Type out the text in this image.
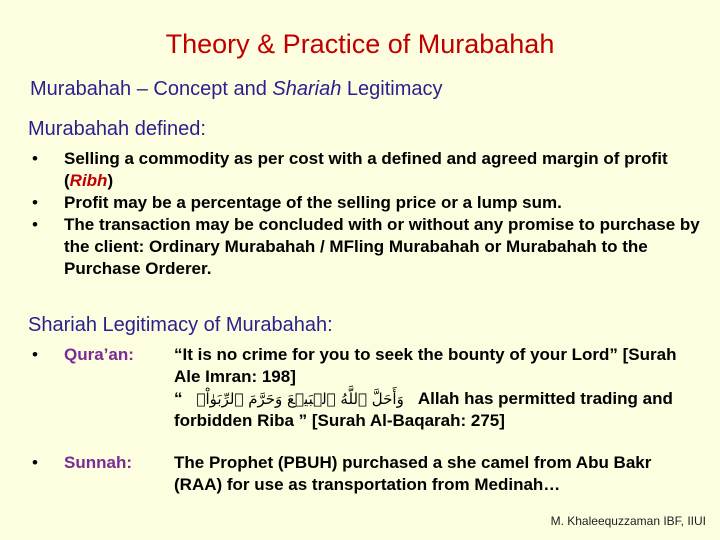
Theory & Practice of Murabahah
Murabahah – Concept and Shariah Legitimacy
Murabahah defined:
• Selling a commodity as per cost with a defined and agreed margin of profit (Ribh)
• Profit may be a percentage of the selling price or a lump sum.
• The transaction may be concluded with or without any promise to purchase by the client: Ordinary Murabahah / MFling Murabahah or Murabahah to the Purchase Orderer.
Shariah Legitimacy of Murabahah:
• Qura’an:	“It is no crime for you to seek the bounty of your Lord” [Surah Ale Imran: 198]
“ وَأَحَلَّ ٱللَّهُ ٱلۡبَيۡعَ وَحَرَّمَ ٱلرِّبَوٰاْۚ Allah has permitted trading and forbidden Riba ” [Surah Al-Baqarah: 275]
• Sunnah:	The Prophet (PBUH) purchased a she camel from Abu Bakr (RAA) for use as transportation from Medinah…
M. Khaleequzzaman IBF, IIUI
